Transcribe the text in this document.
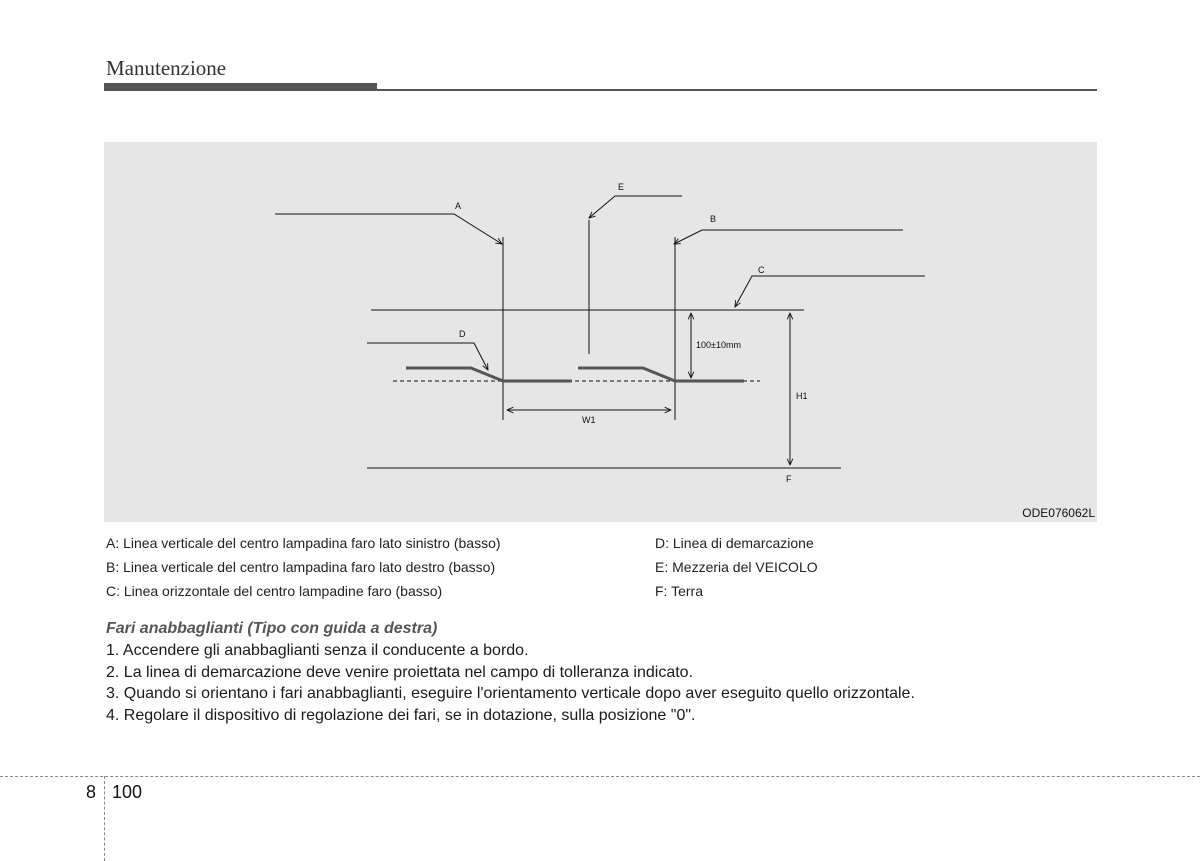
Manutenzione
A
E
B
C
D
100±10mm
W1
H1
F
ODE076062L
A: Linea verticale del centro lampadina faro lato sinistro (basso)
B: Linea verticale del centro lampadina faro lato destro (basso)
C: Linea orizzontale del centro lampadine faro (basso)
D: Linea di demarcazione
E: Mezzeria del VEICOLO
F: Terra
Fari anabbaglianti (Tipo con guida a destra)
1. Accendere gli anabbaglianti senza il conducente a bordo.
2. La linea di demarcazione deve venire proiettata nel campo di tolleranza indicato.
3. Quando si orientano i fari anabbaglianti, eseguire l'orientamento verticale dopo aver eseguito quello orizzontale.
4. Regolare il dispositivo di regolazione dei fari, se in dotazione, sulla posizione "0".
8 100
